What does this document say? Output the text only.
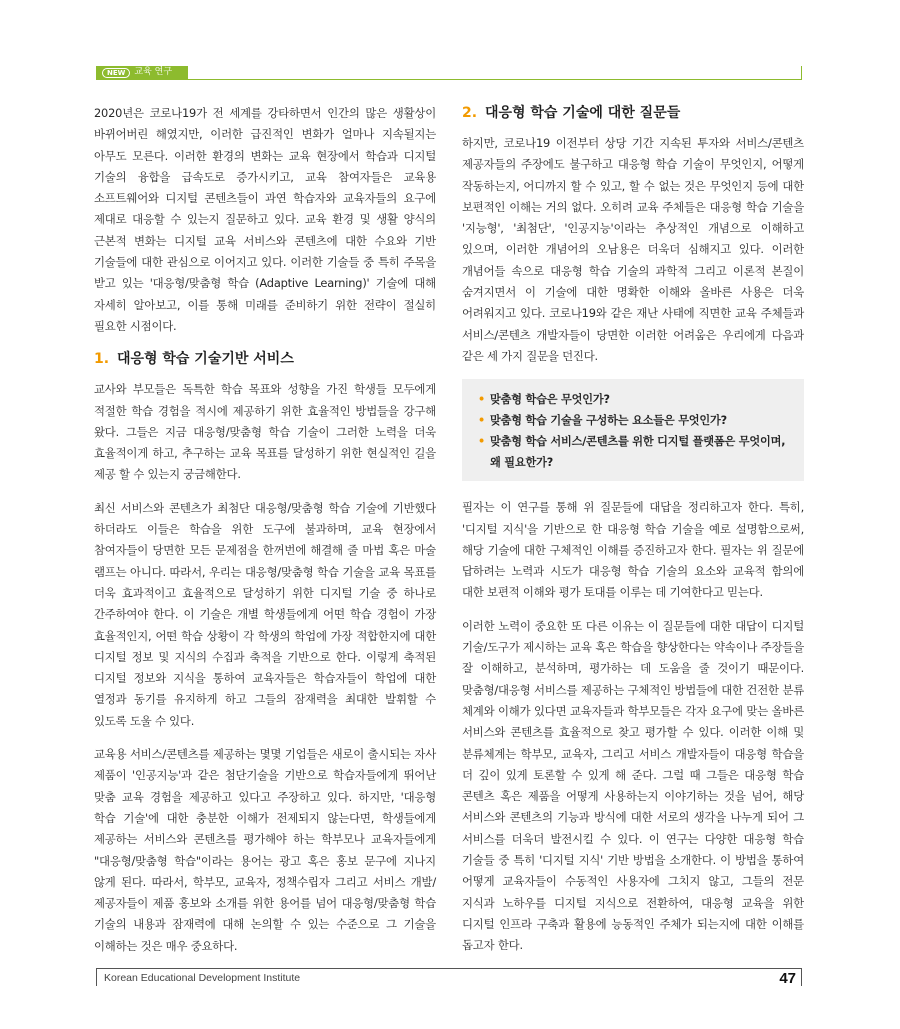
NEW	교육 연구

2020년은 코로나19가 전 세계를 강타하면서 인간의 많은 생활상이 바뀌어버린 해였지만, 이러한 급진적인 변화가 얼마나 지속될지는 아무도 모른다. 이러한 환경의 변화는 교육 현장에서 학습과 디지털 기술의 융합을 급속도로 증가시키고, 교육 참여자들은 교육용 소프트웨어와 디지털 콘텐츠들이 과연 학습자와 교육자들의 요구에 제대로 대응할 수 있는지 질문하고 있다. 교육 환경 및 생활 양식의 근본적 변화는 디지털 교육 서비스와 콘텐츠에 대한 수요와 기반 기술들에 대한 관심으로 이어지고 있다. 이러한 기술들 중 특히 주목을 받고 있는 '대응형/맞춤형 학습 (Adaptive Learning)' 기술에 대해 자세히 알아보고, 이를 통해 미래를 준비하기 위한 전략이 절실히 필요한 시점이다.

1. 대응형 학습 기술기반 서비스

교사와 부모들은 독특한 학습 목표와 성향을 가진 학생들 모두에게 적절한 학습 경험을 적시에 제공하기 위한 효율적인 방법들을 강구해 왔다. 그들은 지금 대응형/맞춤형 학습 기술이 그러한 노력을 더욱 효율적이게 하고, 추구하는 교육 목표를 달성하기 위한 현실적인 길을 제공 할 수 있는지 궁금해한다.

최신 서비스와 콘텐츠가 최첨단 대응형/맞춤형 학습 기술에 기반했다 하더라도 이들은 학습을 위한 도구에 불과하며, 교육 현장에서 참여자들이 당면한 모든 문제점을 한꺼번에 해결해 줄 마법 혹은 마술 램프는 아니다. 따라서, 우리는 대응형/맞춤형 학습 기술을 교육 목표를 더욱 효과적이고 효율적으로 달성하기 위한 디지털 기술 중 하나로 간주하여야 한다. 이 기술은 개별 학생들에게 어떤 학습 경험이 가장 효율적인지, 어떤 학습 상황이 각 학생의 학업에 가장 적합한지에 대한 디지털 정보 및 지식의 수집과 축적을 기반으로 한다. 이렇게 축적된 디지털 정보와 지식을 통하여 교육자들은 학습자들이 학업에 대한 열정과 동기를 유지하게 하고 그들의 잠재력을 최대한 발휘할 수 있도록 도울 수 있다.

교육용 서비스/콘텐츠를 제공하는 몇몇 기업들은 새로이 출시되는 자사 제품이 '인공지능'과 같은 첨단기술을 기반으로 학습자들에게 뛰어난 맞춤 교육 경험을 제공하고 있다고 주장하고 있다. 하지만, '대응형 학습 기술'에 대한 충분한 이해가 전제되지 않는다면, 학생들에게 제공하는 서비스와 콘텐츠를 평가해야 하는 학부모나 교육자들에게 "대응형/맞춤형 학습"이라는 용어는 광고 혹은 홍보 문구에 지나지 않게 된다. 따라서, 학부모, 교육자, 정책수립자 그리고 서비스 개발/제공자들이 제품 홍보와 소개를 위한 용어를 넘어 대응형/맞춤형 학습 기술의 내용과 잠재력에 대해 논의할 수 있는 수준으로 그 기술을 이해하는 것은 매우 중요하다.

2. 대응형 학습 기술에 대한 질문들

하지만, 코로나19 이전부터 상당 기간 지속된 투자와 서비스/콘텐츠 제공자들의 주장에도 불구하고 대응형 학습 기술이 무엇인지, 어떻게 작동하는지, 어디까지 할 수 있고, 할 수 없는 것은 무엇인지 등에 대한 보편적인 이해는 거의 없다. 오히려 교육 주체들은 대응형 학습 기술을 '지능형', '최첨단', '인공지능'이라는 추상적인 개념으로 이해하고 있으며, 이러한 개념어의 오남용은 더욱더 심해지고 있다. 이러한 개념어들 속으로 대응형 학습 기술의 과학적 그리고 이론적 본질이 숨겨지면서 이 기술에 대한 명확한 이해와 올바른 사용은 더욱 어려워지고 있다. 코로나19와 같은 재난 사태에 직면한 교육 주체들과 서비스/콘텐츠 개발자들이 당면한 이러한 어려움은 우리에게 다음과 같은 세 가지 질문을 던진다.

• 맞춤형 학습은 무엇인가?
• 맞춤형 학습 기술을 구성하는 요소들은 무엇인가?
• 맞춤형 학습 서비스/콘텐츠를 위한 디지털 플랫폼은 무엇이며, 왜 필요한가?

필자는 이 연구를 통해 위 질문들에 대답을 정리하고자 한다. 특히, '디지털 지식'을 기반으로 한 대응형 학습 기술을 예로 설명함으로써, 해당 기술에 대한 구체적인 이해를 증진하고자 한다. 필자는 위 질문에 답하려는 노력과 시도가 대응형 학습 기술의 요소와 교육적 함의에 대한 보편적 이해와 평가 토대를 이루는 데 기여한다고 믿는다.

이러한 노력이 중요한 또 다른 이유는 이 질문들에 대한 대답이 디지털 기술/도구가 제시하는 교육 혹은 학습을 향상한다는 약속이나 주장들을 잘 이해하고, 분석하며, 평가하는 데 도움을 줄 것이기 때문이다. 맞춤형/대응형 서비스를 제공하는 구체적인 방법들에 대한 건전한 분류 체계와 이해가 있다면 교육자들과 학부모들은 각자 요구에 맞는 올바른 서비스와 콘텐츠를 효율적으로 찾고 평가할 수 있다. 이러한 이해 및 분류체계는 학부모, 교육자, 그리고 서비스 개발자들이 대응형 학습을 더 깊이 있게 토론할 수 있게 해 준다. 그럴 때 그들은 대응형 학습 콘텐츠 혹은 제품을 어떻게 사용하는지 이야기하는 것을 넘어, 해당 서비스와 콘텐츠의 기능과 방식에 대한 서로의 생각을 나누게 되어 그 서비스를 더욱더 발전시킬 수 있다. 이 연구는 다양한 대응형 학습 기술들 중 특히 '디지털 지식' 기반 방법을 소개한다. 이 방법을 통하여 어떻게 교육자들이 수동적인 사용자에 그치지 않고, 그들의 전문 지식과 노하우를 디지털 지식으로 전환하여, 대응형 교육을 위한 디지털 인프라 구축과 활용에 능동적인 주체가 되는지에 대한 이해를 돕고자 한다.

Korean Educational Development Institute	47
